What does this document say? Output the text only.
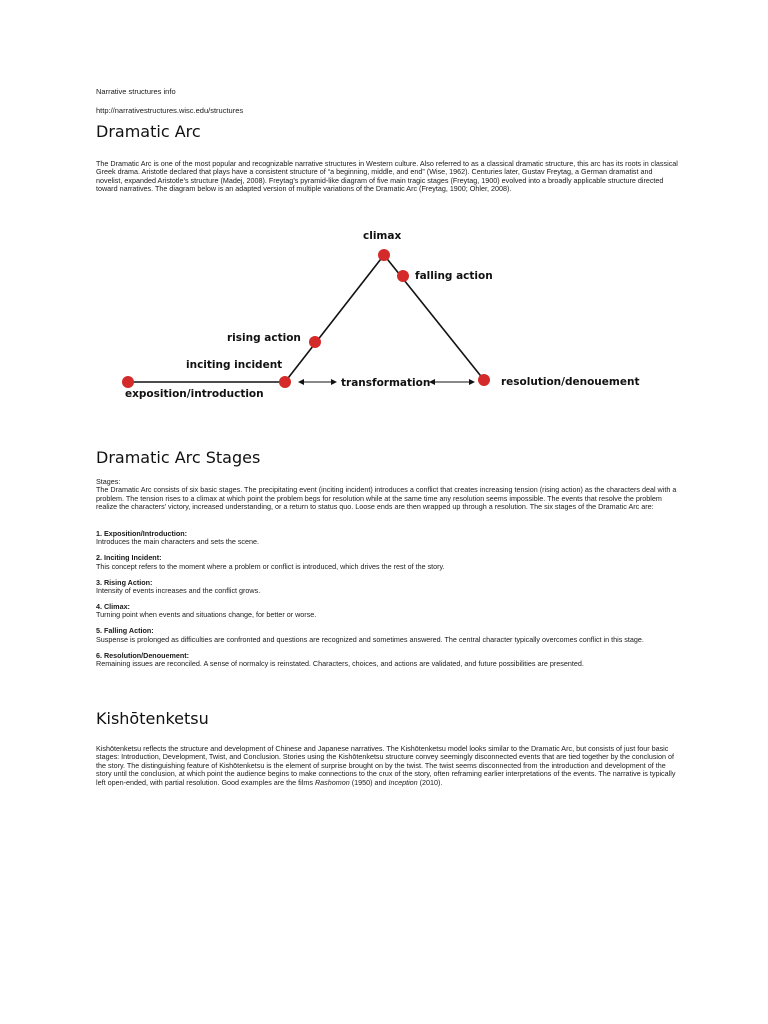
Narrative structures info
http://narrativestructures.wisc.edu/structures
Dramatic Arc

The Dramatic Arc is one of the most popular and recognizable narrative structures in Western culture. Also referred to as a classical dramatic structure, this arc has its roots in classical Greek drama. Aristotle declared that plays have a consistent structure of “a beginning, middle, and end” (Wise, 1962). Centuries later, Gustav Freytag, a German dramatist and novelist, expanded Aristotle’s structure (Madej, 2008). Freytag’s pyramid-like diagram of five main tragic stages (Freytag, 1900) evolved into a broadly applicable structure directed toward narratives. The diagram below is an adapted version of multiple variations of the Dramatic Arc (Freytag, 1900; Ohler, 2008).

Dramatic Arc Stages
Stages:
The Dramatic Arc consists of six basic stages. The precipitating event (inciting incident) introduces a conflict that creates increasing tension (rising action) as the characters deal with a problem. The tension rises to a climax at which point the problem begs for resolution while at the same time any resolution seems impossible. The events that resolve the problem realize the characters’ victory, increased understanding, or a return to status quo. Loose ends are then wrapped up through a resolution. The six stages of the Dramatic Arc are:
1. Exposition/Introduction:
Introduces the main characters and sets the scene.
2. Inciting Incident:
This concept refers to the moment where a problem or conflict is introduced, which drives the rest of the story.
3. Rising Action:
Intensity of events increases and the conflict grows.
4. Climax:
Turning point when events and situations change, for better or worse.
5. Falling Action:
Suspense is prolonged as difficulties are confronted and questions are recognized and sometimes answered. The central character typically overcomes conflict in this stage.
6. Resolution/Denouement:
Remaining issues are reconciled. A sense of normalcy is reinstated. Characters, choices, and actions are validated, and future possibilities are presented.
Kishōtenketsu

Kishōtenketsu reflects the structure and development of Chinese and Japanese narratives. The Kishōtenketsu model looks similar to the Dramatic Arc, but consists of just four basic stages: Introduction, Development, Twist, and Conclusion. Stories using the Kishōtenketsu structure convey seemingly disconnected events that are tied together by the conclusion of the story. The distinguishing feature of Kishōtenketsu is the element of surprise brought on by the twist. The twist seems disconnected from the introduction and development of the story until the conclusion, at which point the audience begins to make connections to the crux of the story, often reframing earlier interpretations of the events. The narrative is typically left open-ended, with partial resolution. Good examples are the films Rashomon (1950) and Inception (2010).

climax
falling action
rising action
inciting incident
exposition/introduction
transformation	resolution/denouement
